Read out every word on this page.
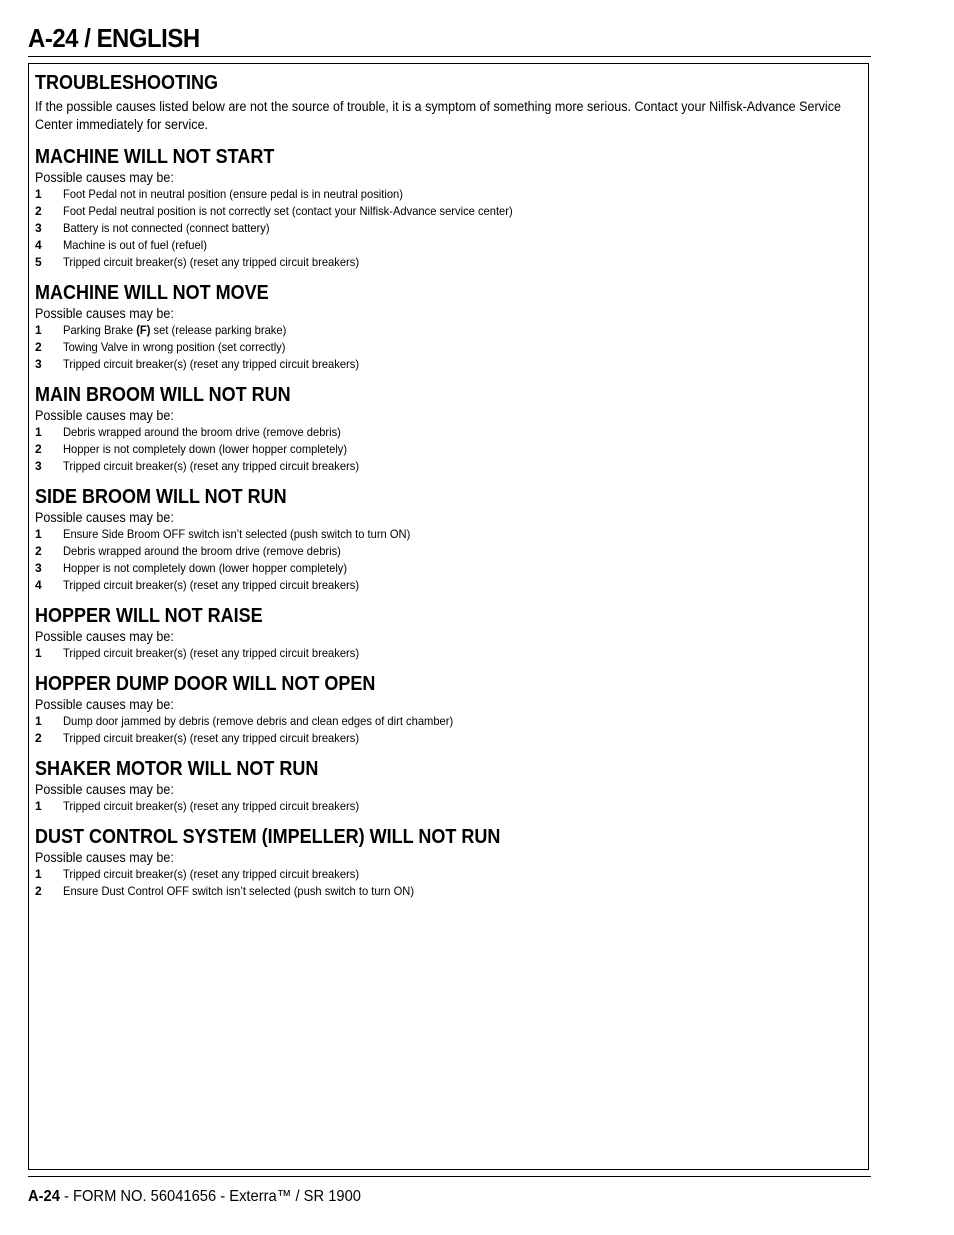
A-24 / ENGLISH
TROUBLESHOOTING

If the possible causes listed below are not the source of trouble, it is a symptom of something more serious. Contact your Nilfisk-Advance Service Center immediately for service.

MACHINE WILL NOT START

Possible causes may be:

1	Foot Pedal not in neutral position (ensure pedal is in neutral position)
2	Foot Pedal neutral position is not correctly set (contact your Nilfisk-Advance service center)
3	Battery is not connected (connect battery)
4	Machine is out of fuel (refuel)
5	Tripped circuit breaker(s) (reset any tripped circuit breakers)
MACHINE WILL NOT MOVE

Possible causes may be:

1	Parking Brake (F) set (release parking brake)
2	Towing Valve in wrong position (set correctly)
3	Tripped circuit breaker(s) (reset any tripped circuit breakers)
MAIN BROOM WILL NOT RUN

Possible causes may be:

1	Debris wrapped around the broom drive (remove debris)
2	Hopper is not completely down (lower hopper completely)
3	Tripped circuit breaker(s) (reset any tripped circuit breakers)
SIDE BROOM WILL NOT RUN

Possible causes may be:

1	Ensure Side Broom OFF switch isn’t selected (push switch to turn ON)
2	Debris wrapped around the broom drive (remove debris)
3	Hopper is not completely down (lower hopper completely)
4	Tripped circuit breaker(s) (reset any tripped circuit breakers)
HOPPER WILL NOT RAISE

Possible causes may be:

1	Tripped circuit breaker(s) (reset any tripped circuit breakers)
HOPPER DUMP DOOR WILL NOT OPEN

Possible causes may be:

1	Dump door jammed by debris (remove debris and clean edges of dirt chamber)
2	Tripped circuit breaker(s) (reset any tripped circuit breakers)
SHAKER MOTOR WILL NOT RUN

Possible causes may be:

1	Tripped circuit breaker(s) (reset any tripped circuit breakers)
DUST CONTROL SYSTEM (IMPELLER) WILL NOT RUN

Possible causes may be:

1	Tripped circuit breaker(s) (reset any tripped circuit breakers)
2	Ensure Dust Control OFF switch isn’t selected (push switch to turn ON)
A-24 - FORM NO. 56041656 - Exterra™ / SR 1900
